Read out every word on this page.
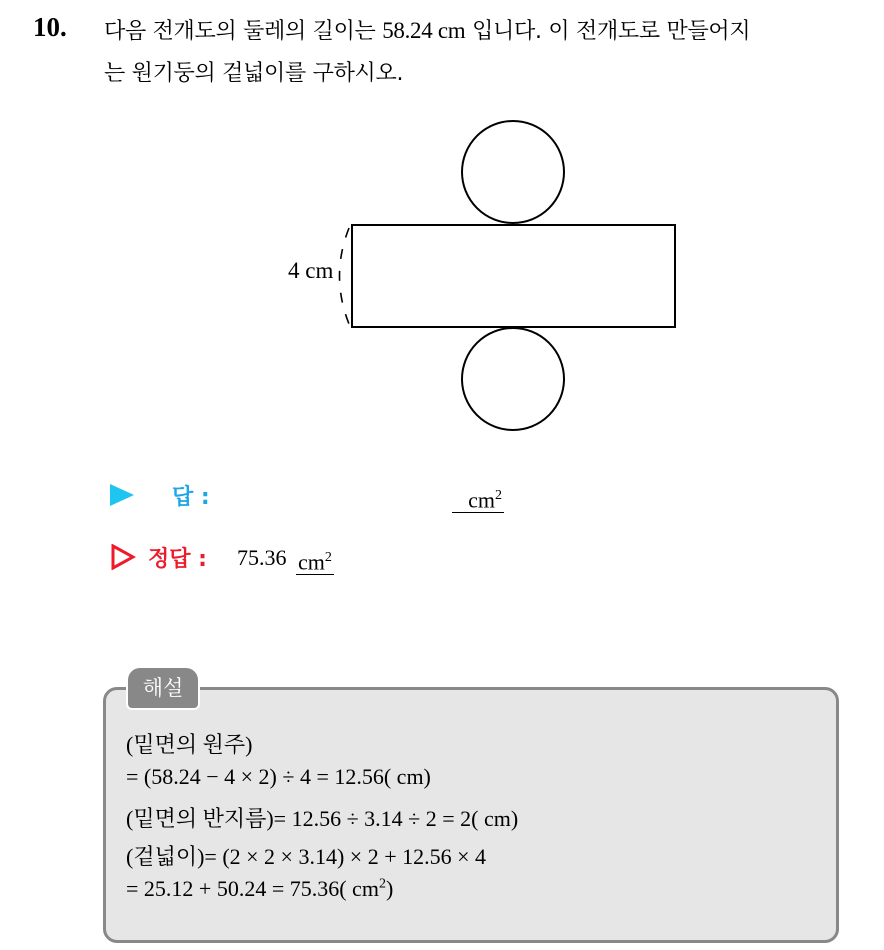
10. 다음 전개도의 둘레의 길이는 58.24 cm 입니다. 이 전개도로 만들어지
는 원기둥의 겉넓이를 구하시오.
4 cm
답 :	$cm^2$
정답 : 75.36 $cm^2$
해설
(밑면의 원주)
= (58.24 − 4 × 2) ÷ 4 = 12.56( cm)
(밑면의 반지름)= 12.56 ÷ 3.14 ÷ 2 = 2( cm)
(겉넓이)= (2 × 2 × 3.14) × 2 + 12.56 × 4
= 25.12 + 50.24 = 75.36( $cm^2$)
